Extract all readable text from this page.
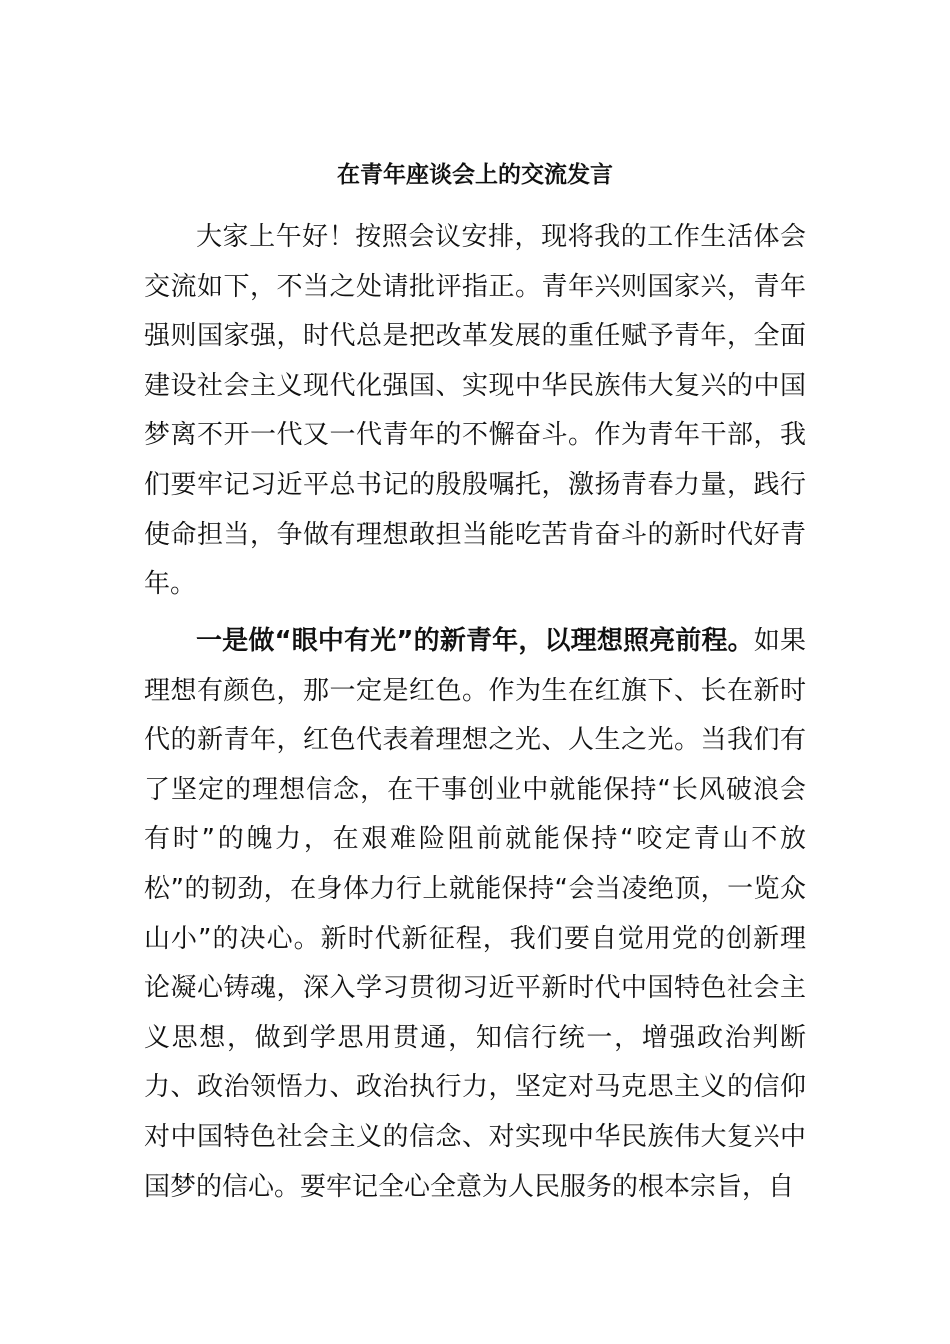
在青年座谈会上的交流发言

大家上午好！按照会议安排，现将我的工作生活体会交流如下，不当之处请批评指正。青年兴则国家兴，青年强则国家强，时代总是把改革发展的重任赋予青年，全面建设社会主义现代化强国、实现中华民族伟大复兴的中国梦离不开一代又一代青年的不懈奋斗。作为青年干部，我们要牢记习近平总书记的殷殷嘱托，激扬青春力量，践行使命担当，争做有理想敢担当能吃苦肯奋斗的新时代好青年。

一是做“眼中有光”的新青年，以理想照亮前程。如果理想有颜色，那一定是红色。作为生在红旗下、长在新时代的新青年，红色代表着理想之光、人生之光。当我们有了坚定的理想信念，在干事创业中就能保持“长风破浪会有时”的魄力，在艰难险阻前就能保持“咬定青山不放松”的韧劲，在身体力行上就能保持“会当凌绝顶，一览众山小”的决心。新时代新征程，我们要自觉用党的创新理论凝心铸魂，深入学习贯彻习近平新时代中国特色社会主义思想，做到学思用贯通，知信行统一，增强政治判断力、政治领悟力、政治执行力，坚定对马克思主义的信仰对中国特色社会主义的信念、对实现中华民族伟大复兴中国梦的信心。要牢记全心全意为人民服务的根本宗旨，自
